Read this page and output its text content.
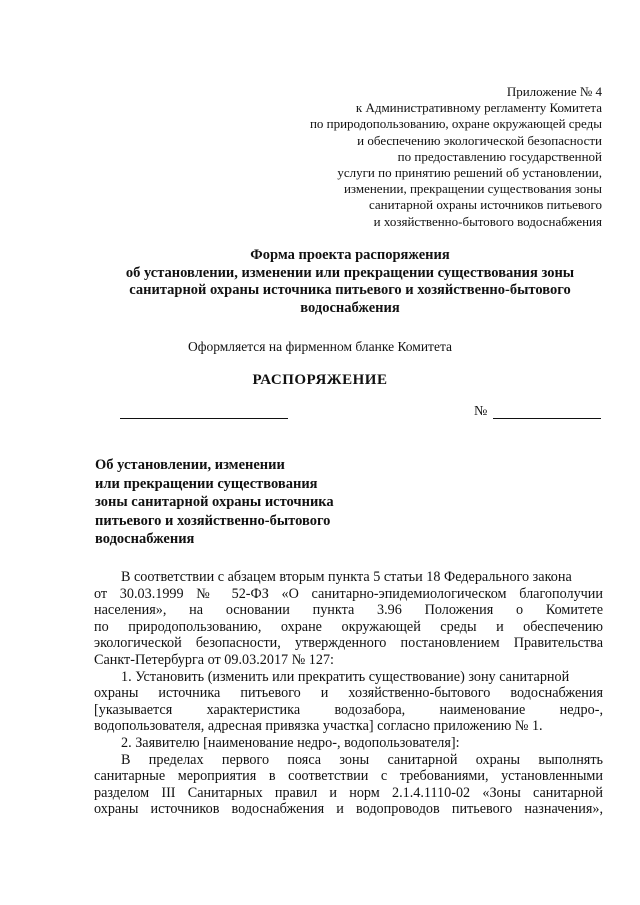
Приложение № 4
к Административному регламенту Комитета
по природопользованию, охране окружающей среды
и обеспечению экологической безопасности
по предоставлению государственной
услуги по принятию решений об установлении,
изменении, прекращении существования зоны
санитарной охраны источников питьевого
и хозяйственно-бытового водоснабжения
Форма проекта распоряжения
об установлении, изменении или прекращении существования зоны
санитарной охраны источника питьевого и хозяйственно-бытового
водоснабжения
Оформляется на фирменном бланке Комитета
РАСПОРЯЖЕНИЕ
№
Об установлении, изменении
или прекращении существования
зоны санитарной охраны источника
питьевого и хозяйственно-бытового
водоснабжения
В соответствии с абзацем вторым пункта 5 статьи 18 Федерального закона
от 30.03.1999 № 52-ФЗ «О санитарно-эпидемиологическом благополучии
населения», на основании пункта 3.96 Положения о Комитете
по природопользованию, охране окружающей среды и обеспечению
экологической безопасности, утвержденного постановлением Правительства
Санкт-Петербурга от 09.03.2017 № 127:
1. Установить (изменить или прекратить существование) зону санитарной
охраны источника питьевого и хозяйственно-бытового водоснабжения
[указывается характеристика водозабора, наименование недро-,
водопользователя, адресная привязка участка] согласно приложению № 1.
2. Заявителю [наименование недро-, водопользователя]:
В пределах первого пояса зоны санитарной охраны выполнять
санитарные мероприятия в соответствии с требованиями, установленными
разделом III Санитарных правил и норм 2.1.4.1110-02 «Зоны санитарной
охраны источников водоснабжения и водопроводов питьевого назначения»,
